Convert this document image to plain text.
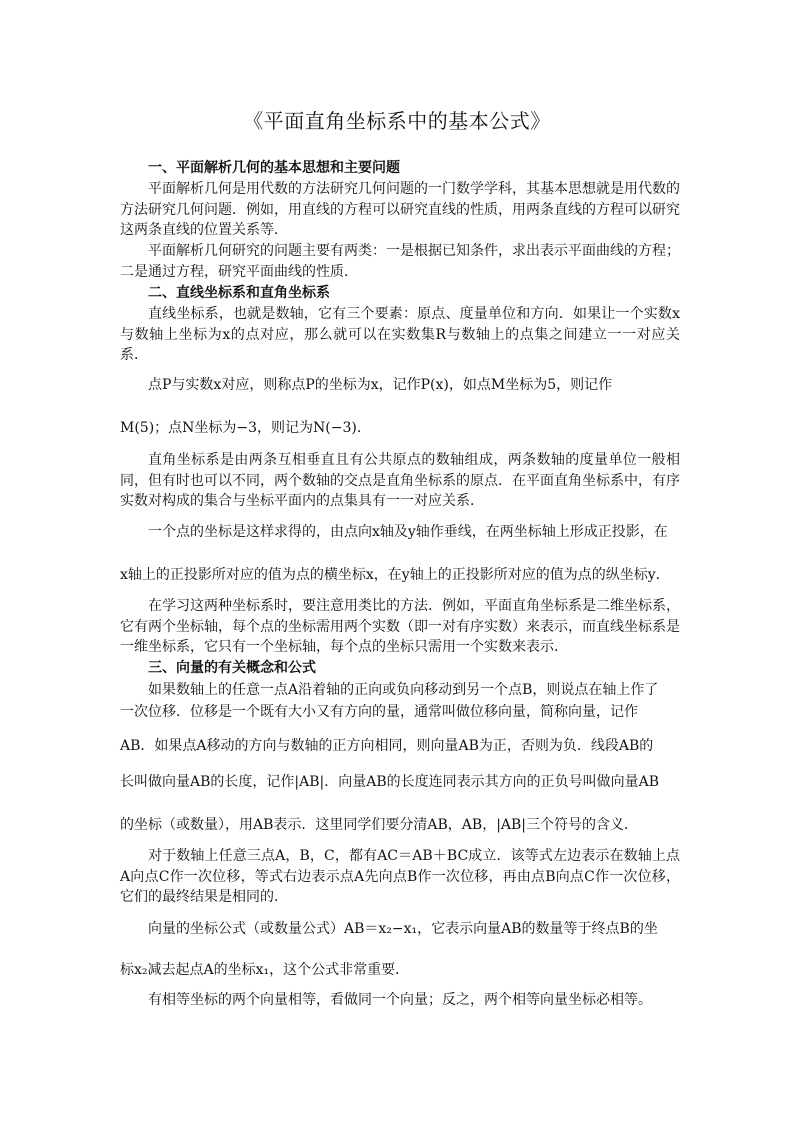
《平面直角坐标系中的基本公式》
一、平面解析几何的基本思想和主要问题
平面解析几何是用代数的方法研究几何问题的一门数学学科，其基本思想就是用代数的方法研究几何问题．例如，用直线的方程可以研究直线的性质，用两条直线的方程可以研究这两条直线的位置关系等．
平面解析几何研究的问题主要有两类：一是根据已知条件，求出表示平面曲线的方程；二是通过方程，研究平面曲线的性质．
二、直线坐标系和直角坐标系
直线坐标系，也就是数轴，它有三个要素：原点、度量单位和方向．如果让一个实数x与数轴上坐标为x的点对应，那么就可以在实数集R与数轴上的点集之间建立一一对应关系．
点P与实数x对应，则称点P的坐标为x，记作P(x)，如点M坐标为5，则记作
M(5)；点N坐标为−3，则记为N(−3)．
直角坐标系是由两条互相垂直且有公共原点的数轴组成，两条数轴的度量单位一般相同，但有时也可以不同，两个数轴的交点是直角坐标系的原点．在平面直角坐标系中，有序实数对构成的集合与坐标平面内的点集具有一一对应关系．
一个点的坐标是这样求得的，由点向x轴及y轴作垂线，在两坐标轴上形成正投影，在
x轴上的正投影所对应的值为点的横坐标x，在y轴上的正投影所对应的值为点的纵坐标y．
在学习这两种坐标系时，要注意用类比的方法．例如，平面直角坐标系是二维坐标系，它有两个坐标轴，每个点的坐标需用两个实数（即一对有序实数）来表示，而直线坐标系是一维坐标系，它只有一个坐标轴，每个点的坐标只需用一个实数来表示．
三、向量的有关概念和公式
如果数轴上的任意一点A沿着轴的正向或负向移动到另一个点B，则说点在轴上作了
一次位移．位移是一个既有大小又有方向的量，通常叫做位移向量，简称向量，记作
AB．如果点A移动的方向与数轴的正方向相同，则向量AB为正，否则为负．线段AB的
长叫做向量AB的长度，记作|AB|．向量AB的长度连同表示其方向的正负号叫做向量AB
的坐标（或数量），用AB表示．这里同学们要分清AB，AB，|AB|三个符号的含义．
对于数轴上任意三点A，B，C，都有AC＝AB＋BC成立．该等式左边表示在数轴上点A向点C作一次位移，等式右边表示点A先向点B作一次位移，再由点B向点C作一次位移，它们的最终结果是相同的．
向量的坐标公式（或数量公式）AB＝x₂−x₁，它表示向量AB的数量等于终点B的坐
标x₂减去起点A的坐标x₁，这个公式非常重要．
有相等坐标的两个向量相等，看做同一个向量；反之，两个相等向量坐标必相等。
